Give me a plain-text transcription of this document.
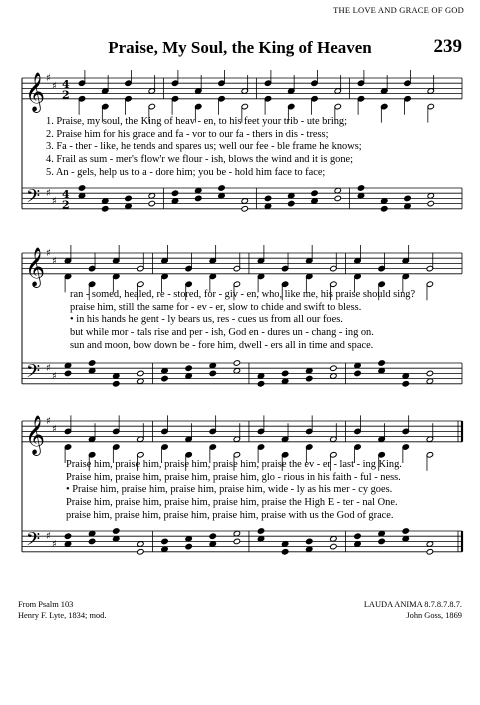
THE LOVE AND GRACE OF GOD
Praise, My Soul, the King of Heaven	239
𝄞
𝄢
♯
♯
♯
♯
4
4
2
2
1. Praise, my soul, the King of heav - en, to his feet your trib - ute bring;
2. Praise him for his grace and fa - vor to our fa - thers in dis - tress;
3. Fa - ther - like, he tends and spares us; well our fee - ble frame he knows;
4. Frail as sum - mer's flow'r we flour - ish, blows the wind and it is gone;
5. An - gels, help us to a - dore him; you be - hold him face to face;
𝄞
𝄢
♯
♯
♯
♯
ran - somed, healed, re - stored, for - giv - en, who, like me, his praise should sing?
praise him, still the same for - ev - er, slow to chide and swift to bless.
• in his hands he gent - ly bears us, res - cues us from all our foes.
but while mor - tals rise and per - ish, God en - dures un - chang - ing on.
sun and moon, bow down be - fore him, dwell - ers all in time and space.
𝄞
𝄢
♯
♯
♯
♯
Praise him, praise him, praise him, praise him, praise the ev - er - last - ing King.
Praise him, praise him, praise him, praise him, glo - rious in his faith - ful - ness.
• Praise him, praise him, praise him, praise him, wide - ly as his mer - cy goes.
Praise him, praise him, praise him, praise him, praise the High E - ter - nal One.
praise him, praise him, praise him, praise him, praise with us the God of grace.
From Psalm 103
Henry F. Lyte, 1834; mod.
LAUDA ANIMA 8.7.8.7.8.7.
John Goss, 1869
